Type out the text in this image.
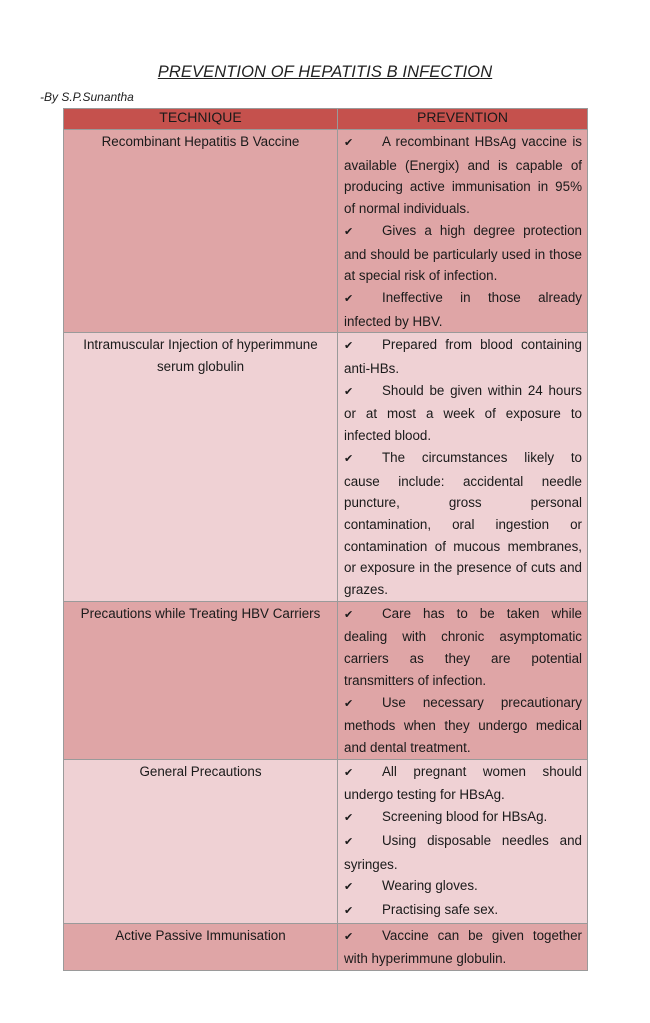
PREVENTION OF HEPATITIS B INFECTION
-By S.P.Sunantha
TECHNIQUE	PREVENTION
Recombinant Hepatitis B Vaccine	✔ A recombinant HBsAg vaccine is available (Energix) and is capable of producing active immunisation in 95% of normal individuals.
✔ Gives a high degree protection and should be particularly used in those at special risk of infection.
✔ Ineffective in those already infected by HBV.

Intramuscular Injection of hyperimmune serum globulin	✔ Prepared from blood containing anti-HBs.
✔ Should be given within 24 hours or at most a week of exposure to infected blood.
✔ The circumstances likely to cause include: accidental needle puncture, gross personal contamination, oral ingestion or contamination of mucous membranes, or exposure in the presence of cuts and grazes.

Precautions while Treating HBV Carriers	✔ Care has to be taken while dealing with chronic asymptomatic carriers as they are potential transmitters of infection.
✔ Use necessary precautionary methods when they undergo medical and dental treatment.

General Precautions	✔ All pregnant women should undergo testing for HBsAg.
✔ Screening blood for HBsAg.
✔ Using disposable needles and syringes.
✔ Wearing gloves.
✔ Practising safe sex.

Active Passive Immunisation	✔ Vaccine can be given together with hyperimmune globulin.
